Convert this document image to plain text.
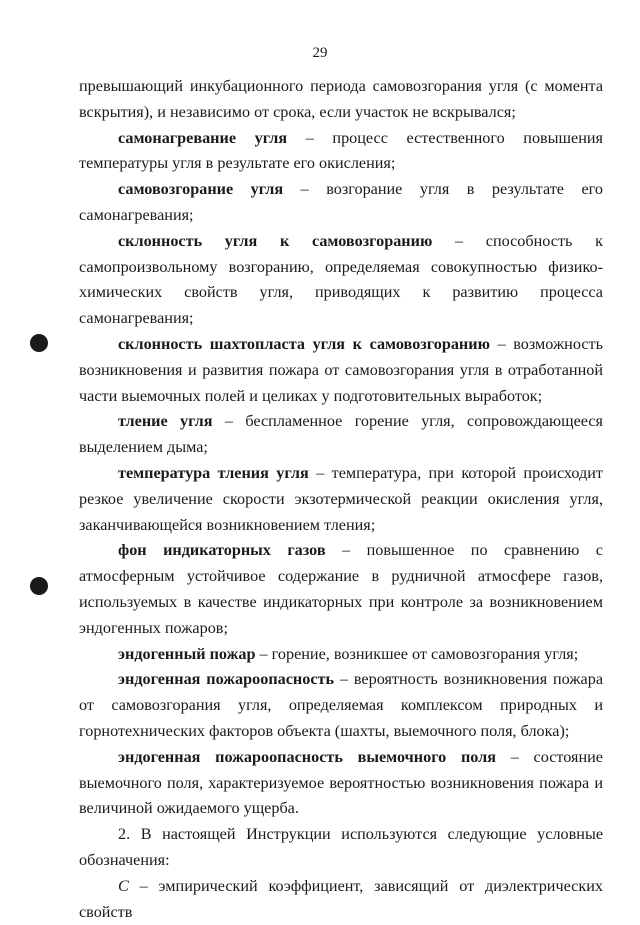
29

превышающий инкубационного периода самовозгорания угля (с момента вскрытия), и независимо от срока, если участок не вскрывался;

самонагревание угля – процесс естественного повышения температуры угля в результате его окисления;

самовозгорание угля – возгорание угля в результате его самонагревания;

склонность угля к самовозгоранию – способность к самопроизвольному возгоранию, определяемая совокупностью физико-химических свойств угля, приводящих к развитию процесса самонагревания;

склонность шахтопласта угля к самовозгоранию – возможность возникновения и развития пожара от самовозгорания угля в отработанной части выемочных полей и целиках у подготовительных выработок;

тление угля – беспламенное горение угля, сопровождающееся выделением дыма;

температура тления угля – температура, при которой происходит резкое увеличение скорости экзотермической реакции окисления угля, заканчивающейся возникновением тления;

фон индикаторных газов – повышенное по сравнению с атмосферным устойчивое содержание в рудничной атмосфере газов, используемых в качестве индикаторных при контроле за возникновением эндогенных пожаров;

эндогенный пожар – горение, возникшее от самовозгорания угля;

эндогенная пожароопасность – вероятность возникновения пожара от самовозгорания угля, определяемая комплексом природных и горнотехнических факторов объекта (шахты, выемочного поля, блока);

эндогенная пожароопасность выемочного поля – состояние выемочного поля, характеризуемое вероятностью возникновения пожара и величиной ожидаемого ущерба.

2. В настоящей Инструкции используются следующие условные обозначения:

С – эмпирический коэффициент, зависящий от диэлектрических свойств
